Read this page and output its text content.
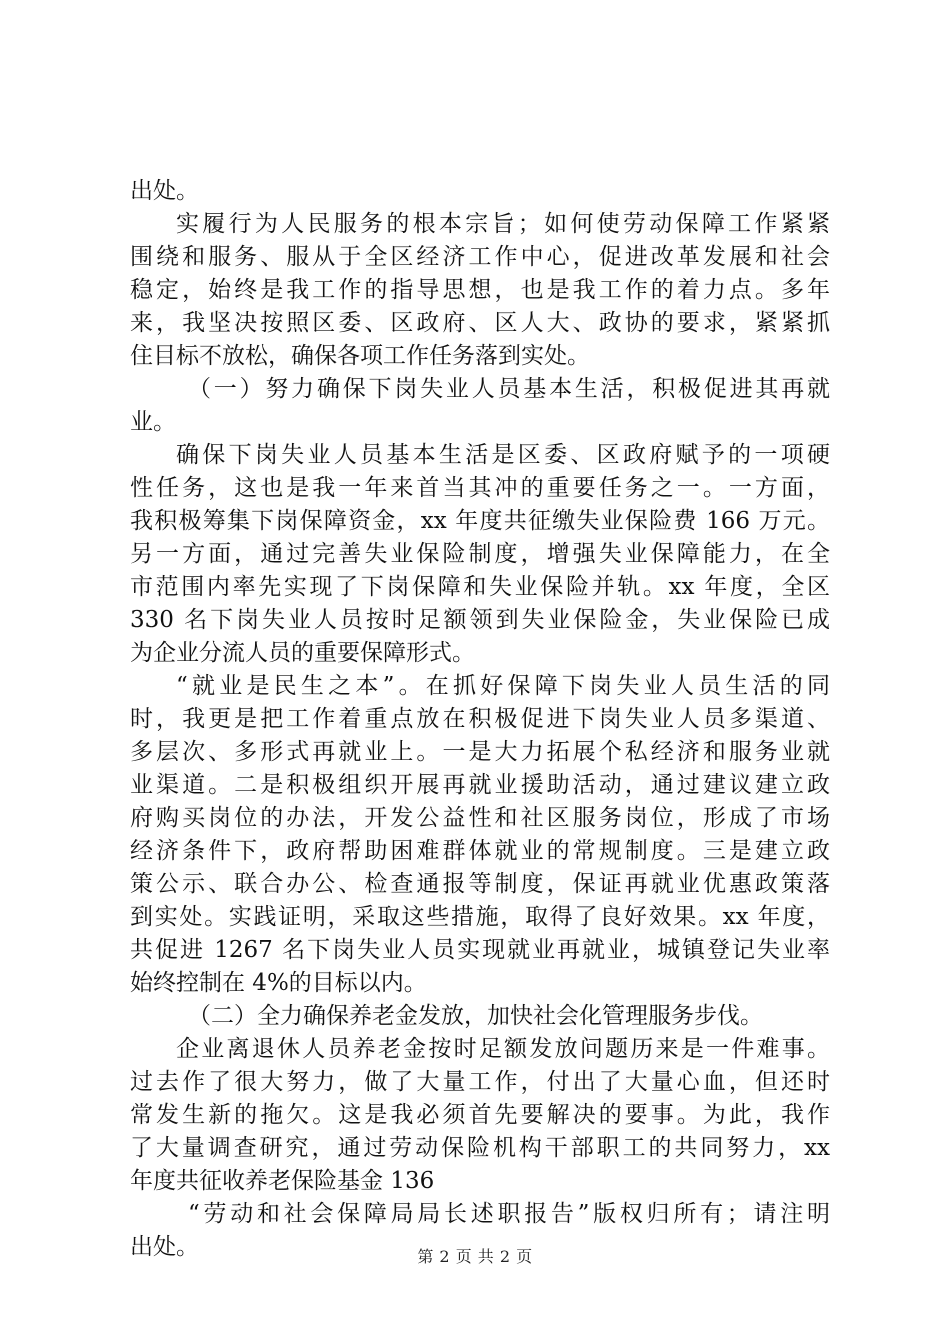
出处。
实履行为人民服务的根本宗旨；如何使劳动保障工作紧紧
围绕和服务、服从于全区经济工作中心，促进改革发展和社会
稳定，始终是我工作的指导思想，也是我工作的着力点。多年
来，我坚决按照区委、区政府、区人大、政协的要求，紧紧抓
住目标不放松，确保各项工作任务落到实处。
（一）努力确保下岗失业人员基本生活，积极促进其再就
业。
确保下岗失业人员基本生活是区委、区政府赋予的一项硬
性任务，这也是我一年来首当其冲的重要任务之一。一方面，
我积极筹集下岗保障资金，xx 年度共征缴失业保险费 166 万元。
另一方面，通过完善失业保险制度，增强失业保障能力，在全
市范围内率先实现了下岗保障和失业保险并轨。xx 年度，全区
330 名下岗失业人员按时足额领到失业保险金，失业保险已成
为企业分流人员的重要保障形式。
“就业是民生之本”。在抓好保障下岗失业人员生活的同
时，我更是把工作着重点放在积极促进下岗失业人员多渠道、
多层次、多形式再就业上。一是大力拓展个私经济和服务业就
业渠道。二是积极组织开展再就业援助活动，通过建议建立政
府购买岗位的办法，开发公益性和社区服务岗位，形成了市场
经济条件下，政府帮助困难群体就业的常规制度。三是建立政
策公示、联合办公、检查通报等制度，保证再就业优惠政策落
到实处。实践证明，采取这些措施，取得了良好效果。xx 年度，
共促进 1267 名下岗失业人员实现就业再就业，城镇登记失业率
始终控制在 4%的目标以内。
（二）全力确保养老金发放，加快社会化管理服务步伐。
企业离退休人员养老金按时足额发放问题历来是一件难事。
过去作了很大努力，做了大量工作，付出了大量心血，但还时
常发生新的拖欠。这是我必须首先要解决的要事。为此，我作
了大量调查研究，通过劳动保险机构干部职工的共同努力，xx
年度共征收养老保险基金 136
“劳动和社会保障局局长述职报告”版权归所有；请注明
出处。	第 2 页 共 2 页
